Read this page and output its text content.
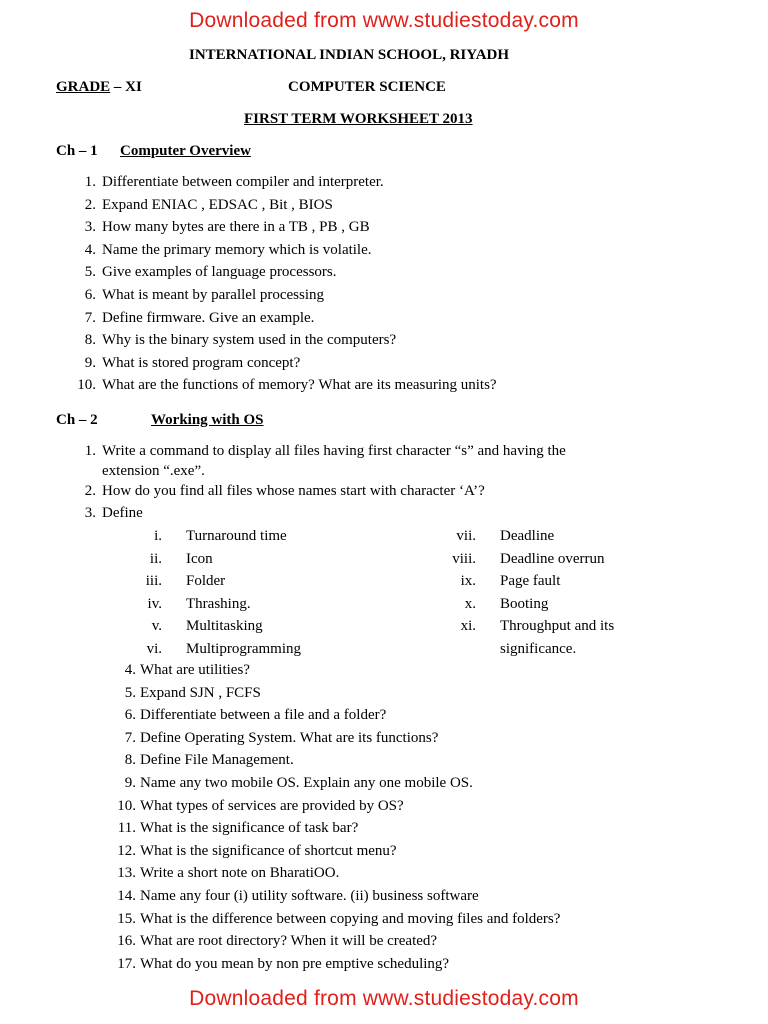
Downloaded from www.studiestoday.com
INTERNATIONAL INDIAN SCHOOL, RIYADH
GRADE – XI	COMPUTER SCIENCE
FIRST TERM WORKSHEET 2013
Ch – 1 Computer Overview
1. Differentiate between compiler and interpreter.
2. Expand ENIAC , EDSAC , Bit , BIOS
3. How many bytes are there in a TB , PB , GB
4. Name the primary memory which is volatile.
5. Give examples of language processors.
6. What is meant by parallel processing
7. Define firmware. Give an example.
8. Why is the binary system used in the computers?
9. What is stored program concept?
10. What are the functions of memory? What are its measuring units?
Ch – 2	Working with OS
1. Write a command to display all files having first character “s” and having the
extension “.exe”.
2. How do you find all files whose names start with character ‘A’?
3. Define
i. Turnaround time
ii. Icon
iii. Folder
iv. Thrashing.
v. Multitasking
vi. Multiprogramming
vii. Deadline
viii. Deadline overrun
ix. Page fault
x. Booting
xi. Throughput and its
significance.
4. What are utilities?
5. Expand SJN , FCFS
6. Differentiate between a file and a folder?
7. Define Operating System. What are its functions?
8. Define File Management.
9. Name any two mobile OS. Explain any one mobile OS.
10. What types of services are provided by OS?
11. What is the significance of task bar?
12. What is the significance of shortcut menu?
13. Write a short note on BharatiOO.
14. Name any four (i) utility software. (ii) business software
15. What is the difference between copying and moving files and folders?
16. What are root directory? When it will be created?
17. What do you mean by non pre emptive scheduling?
Downloaded from www.studiestoday.com
